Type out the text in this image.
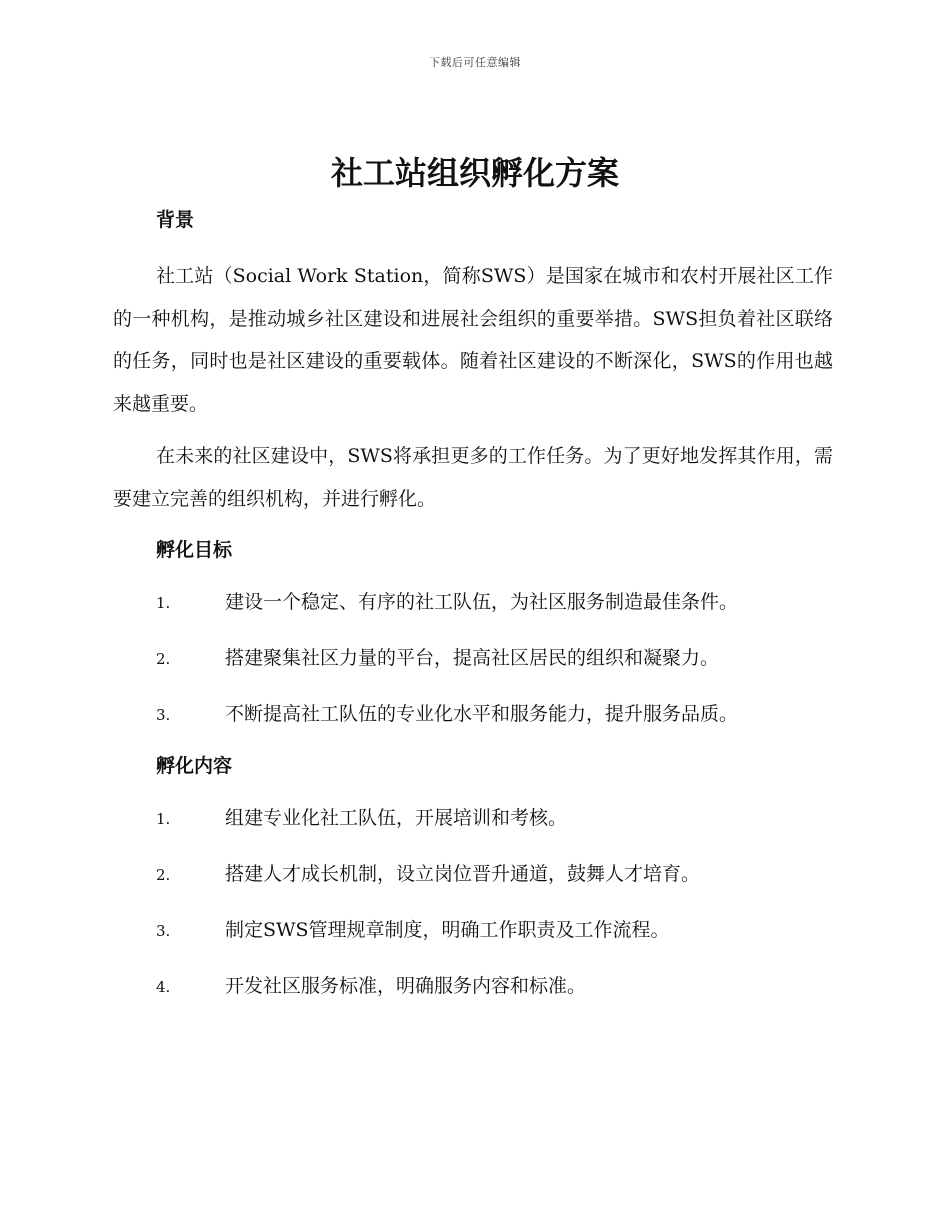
下载后可任意编辑
社工站组织孵化方案
背景

社工站（Social Work Station，简称SWS）是国家在城市和农村开展社区工作的一种机构，是推动城乡社区建设和进展社会组织的重要举措。SWS担负着社区联络的任务，同时也是社区建设的重要载体。随着社区建设的不断深化，SWS的作用也越来越重要。

在未来的社区建设中，SWS将承担更多的工作任务。为了更好地发挥其作用，需要建立完善的组织机构，并进行孵化。

孵化目标
1.	建设一个稳定、有序的社工队伍，为社区服务制造最佳条件。
2.	搭建聚集社区力量的平台，提高社区居民的组织和凝聚力。
3.	不断提高社工队伍的专业化水平和服务能力，提升服务品质。
孵化内容
1.	组建专业化社工队伍，开展培训和考核。
2.	搭建人才成长机制，设立岗位晋升通道，鼓舞人才培育。
3.	制定SWS管理规章制度，明确工作职责及工作流程。
4.	开发社区服务标准，明确服务内容和标准。
